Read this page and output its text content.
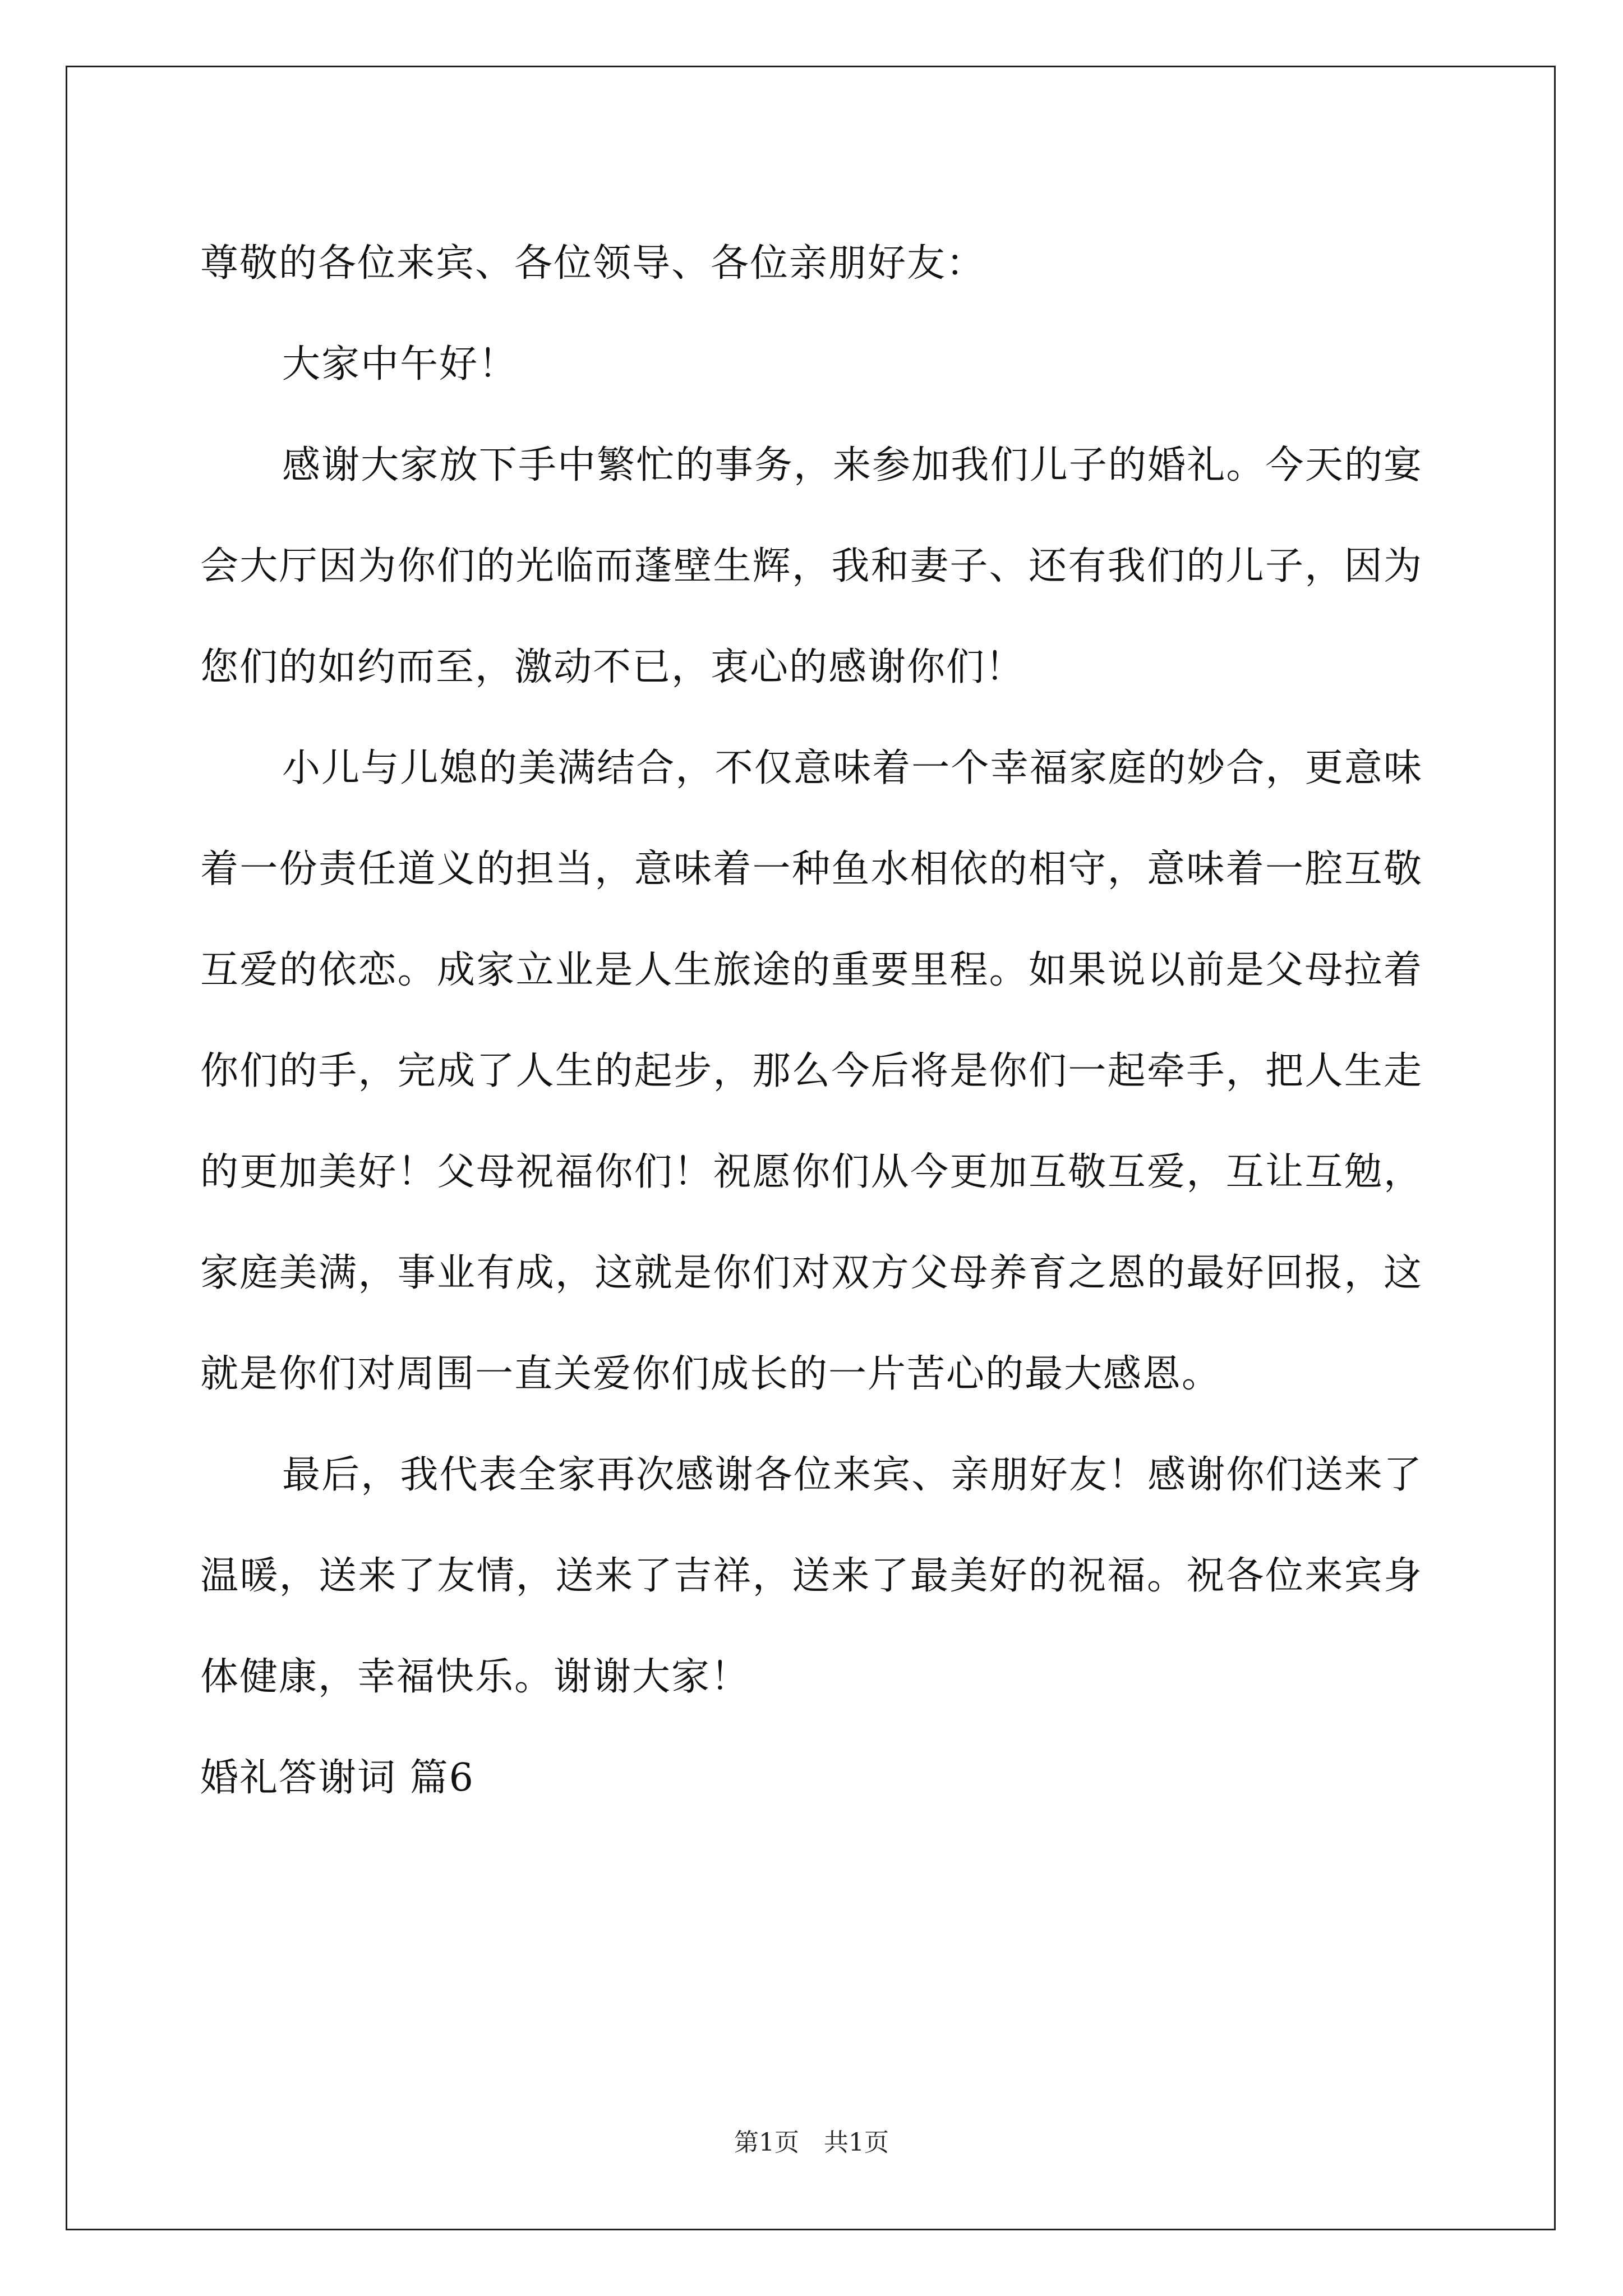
尊敬的各位来宾、各位领导、各位亲朋好友：

大家中午好！

感谢大家放下手中繁忙的事务，来参加我们儿子的婚礼。今天的宴会大厅因为你们的光临而蓬壁生辉，我和妻子、还有我们的儿子，因为您们的如约而至，激动不已，衷心的感谢你们！

小儿与儿媳的美满结合，不仅意味着一个幸福家庭的妙合，更意味着一份责任道义的担当，意味着一种鱼水相依的相守，意味着一腔互敬互爱的依恋。成家立业是人生旅途的重要里程。如果说以前是父母拉着你们的手，完成了人生的起步，那么今后将是你们一起牵手，把人生走的更加美好！父母祝福你们！祝愿你们从今更加互敬互爱，互让互勉，家庭美满，事业有成，这就是你们对双方父母养育之恩的最好回报，这就是你们对周围一直关爱你们成长的一片苦心的最大感恩。

最后，我代表全家再次感谢各位来宾、亲朋好友！感谢你们送来了温暖，送来了友情，送来了吉祥，送来了最美好的祝福。祝各位来宾身体健康，幸福快乐。谢谢大家！

婚礼答谢词 篇6

第1页　共1页
